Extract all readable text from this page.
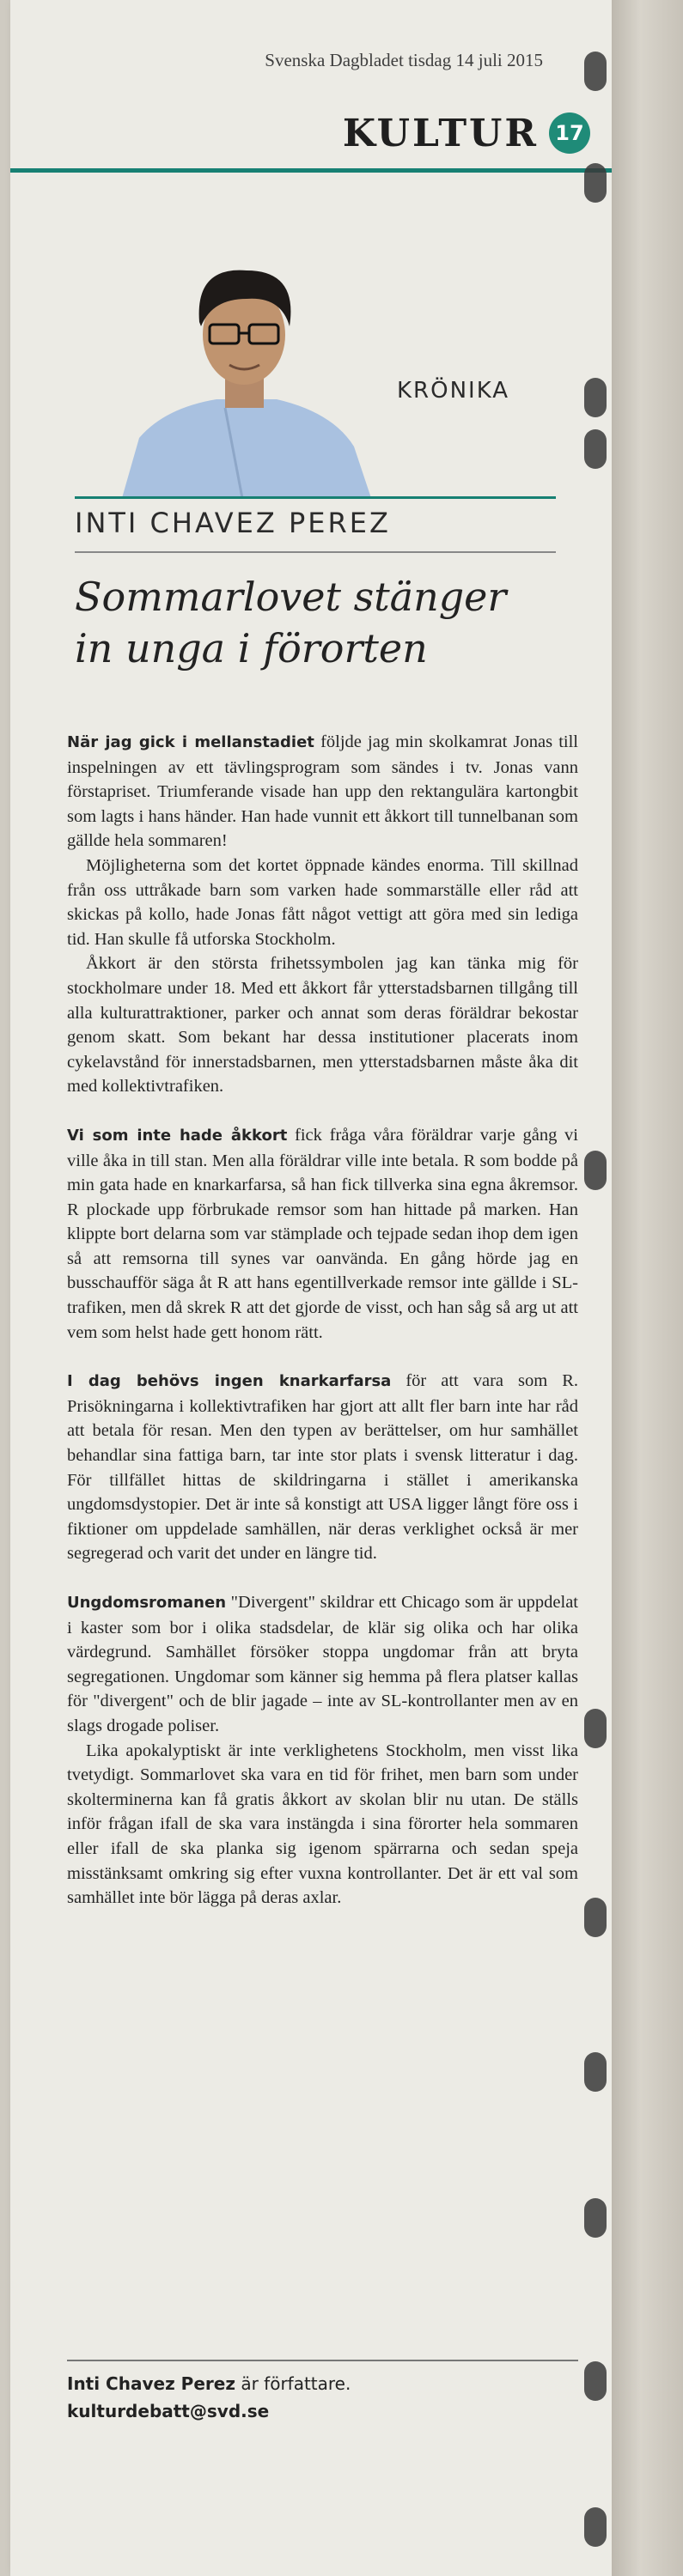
Svenska Dagbladet tisdag 14 juli 2015
KULTUR 17
KRÖNIKA
INTI CHAVEZ PEREZ
Sommarlovet stänger
in unga i förorten

När jag gick i mellanstadiet följde jag min skolkamrat Jonas till inspelningen av ett tävlingsprogram som sändes i tv. Jonas vann förstapriset. Triumferande visade han upp den rektangulära kartongbit som lagts i hans händer. Han hade vunnit ett åkkort till tunnelbanan som gällde hela sommaren!

Möjligheterna som det kortet öppnade kändes enorma. Till skillnad från oss uttråkade barn som varken hade sommarställe eller råd att skickas på kollo, hade Jonas fått något vettigt att göra med sin lediga tid. Han skulle få utforska Stockholm.

Åkkort är den största frihetssymbolen jag kan tänka mig för stockholmare under 18. Med ett åkkort får ytterstadsbarnen tillgång till alla kulturattraktioner, parker och annat som deras föräldrar bekostar genom skatt. Som bekant har dessa institutioner placerats inom cykelavstånd för innerstadsbarnen, men ytterstadsbarnen måste åka dit med kollektivtrafiken.

Vi som inte hade åkkort fick fråga våra föräldrar varje gång vi ville åka in till stan. Men alla föräldrar ville inte betala. R som bodde på min gata hade en knarkarfarsa, så han fick tillverka sina egna åkremsor. R plockade upp förbrukade remsor som han hittade på marken. Han klippte bort delarna som var stämplade och tejpade sedan ihop dem igen så att remsorna till synes var oanvända. En gång hörde jag en busschaufför säga åt R att hans egentillverkade remsor inte gällde i SL-trafiken, men då skrek R att det gjorde de visst, och han såg så arg ut att vem som helst hade gett honom rätt.

I dag behövs ingen knarkarfarsa för att vara som R. Prisökningarna i kollektivtrafiken har gjort att allt fler barn inte har råd att betala för resan. Men den typen av berättelser, om hur samhället behandlar sina fattiga barn, tar inte stor plats i svensk litteratur i dag. För tillfället hittas de skildringarna i stället i amerikanska ungdomsdystopier. Det är inte så konstigt att USA ligger långt före oss i fiktioner om uppdelade samhällen, när deras verklighet också är mer segregerad och varit det under en längre tid.

Ungdomsromanen "Divergent" skildrar ett Chicago som är uppdelat i kaster som bor i olika stadsdelar, de klär sig olika och har olika värdegrund. Samhället försöker stoppa ungdomar från att bryta segregationen. Ungdomar som känner sig hemma på flera platser kallas för "divergent" och de blir jagade – inte av SL-kontrollanter men av en slags drogade poliser.

Lika apokalyptiskt är inte verklighetens Stockholm, men visst lika tvetydigt. Sommarlovet ska vara en tid för frihet, men barn som under skolterminerna kan få gratis åkkort av skolan blir nu utan. De ställs inför frågan ifall de ska vara instängda i sina förorter hela sommaren eller ifall de ska planka sig igenom spärrarna och sedan speja misstänksamt omkring sig efter vuxna kontrollanter. Det är ett val som samhället inte bör lägga på deras axlar.

Inti Chavez Perez är författare.
kulturdebatt@svd.se
